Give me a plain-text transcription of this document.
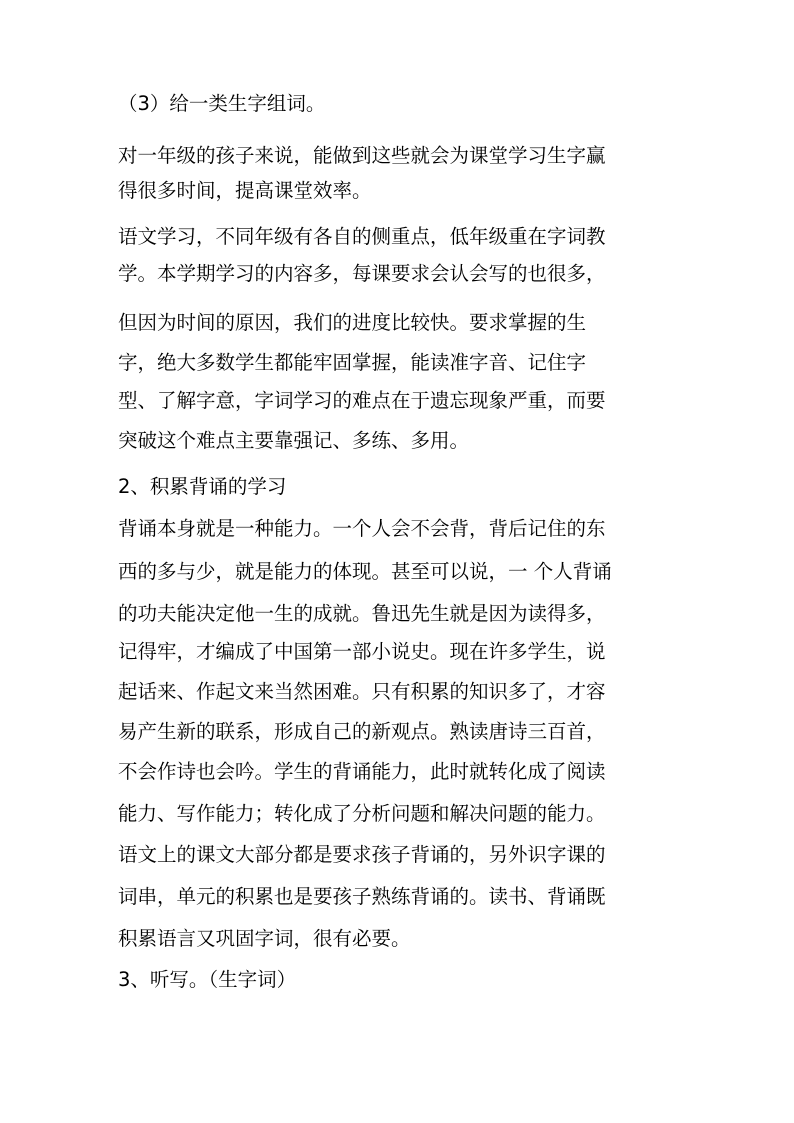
（3）给一类生字组词。

对一年级的孩子来说，能做到这些就会为课堂学习生字赢

得很多时间，提高课堂效率。

语文学习，不同年级有各自的侧重点，低年级重在字词教

学。本学期学习的内容多，每课要求会认会写的也很多，

但因为时间的原因，我们的进度比较快。要求掌握的生

字，绝大多数学生都能牢固掌握，能读准字音、记住字

型、了解字意，字词学习的难点在于遗忘现象严重，而要

突破这个难点主要靠强记、多练、多用。

2、积累背诵的学习

背诵本身就是一种能力。一个人会不会背，背后记住的东

西的多与少，就是能力的体现。甚至可以说，一 个人背诵

的功夫能决定他一生的成就。鲁迅先生就是因为读得多，

记得牢，才编成了中国第一部小说史。现在许多学生，说

起话来、作起文来当然困难。只有积累的知识多了，才容

易产生新的联系，形成自己的新观点。熟读唐诗三百首，

不会作诗也会吟。学生的背诵能力，此时就转化成了阅读

能力、写作能力；转化成了分析问题和解决问题的能力。

语文上的课文大部分都是要求孩子背诵的，另外识字课的

词串，单元的积累也是要孩子熟练背诵的。读书、背诵既

积累语言又巩固字词，很有必要。

3、听写。（生字词）
